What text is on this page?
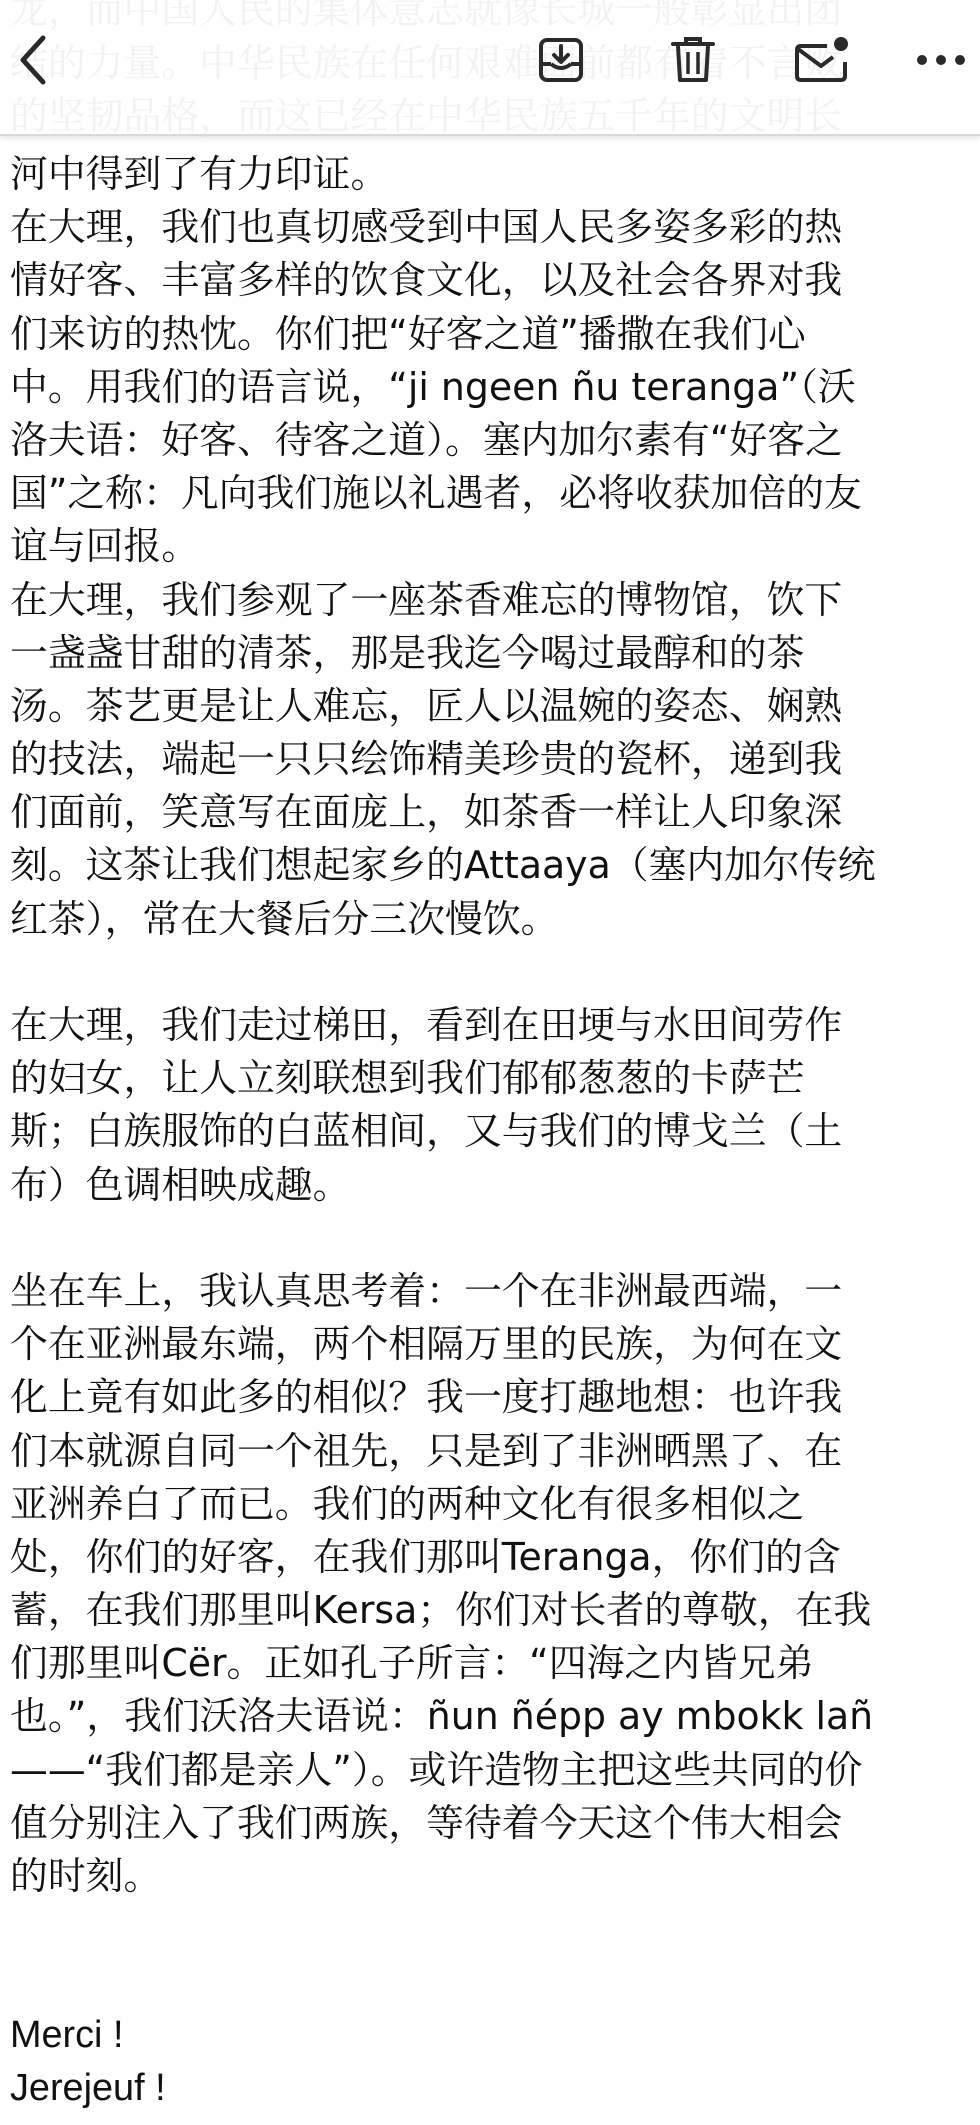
河中得到了有力印证。
在大理，我们也真切感受到中国人民多姿多彩的热
情好客、丰富多样的饮食文化，以及社会各界对我
们来访的热忱。你们把“好客之道”播撒在我们心
中。用我们的语言说，“ji ngeen ñu teranga”（沃
洛夫语：好客、待客之道）。塞内加尔素有“好客之
国”之称：凡向我们施以礼遇者，必将收获加倍的友
谊与回报。
在大理，我们参观了一座茶香难忘的博物馆，饮下
一盏盏甘甜的清茶，那是我迄今喝过最醇和的茶
汤。茶艺更是让人难忘，匠人以温婉的姿态、娴熟
的技法，端起一只只绘饰精美珍贵的瓷杯，递到我
们面前，笑意写在面庞上，如茶香一样让人印象深
刻。这茶让我们想起家乡的Attaaya（塞内加尔传统
红茶），常在大餐后分三次慢饮。
在大理，我们走过梯田，看到在田埂与水田间劳作
的妇女，让人立刻联想到我们郁郁葱葱的卡萨芒
斯；白族服饰的白蓝相间，又与我们的博戈兰（土
布）色调相映成趣。
坐在车上，我认真思考着：一个在非洲最西端，一
个在亚洲最东端，两个相隔万里的民族，为何在文
化上竟有如此多的相似？我一度打趣地想：也许我
们本就源自同一个祖先，只是到了非洲晒黑了、在
亚洲养白了而已。我们的两种文化有很多相似之
处，你们的好客，在我们那叫Teranga，你们的含
蓄，在我们那里叫Kersa；你们对长者的尊敬，在我
们那里叫Cër。正如孔子所言：“四海之内皆兄弟
也。”，我们沃洛夫语说：ñun ñépp ay mbokk lañ
——“我们都是亲人”）。或许造物主把这些共同的价
值分别注入了我们两族，等待着今天这个伟大相会
的时刻。
Merci !
Jerejeuf !
